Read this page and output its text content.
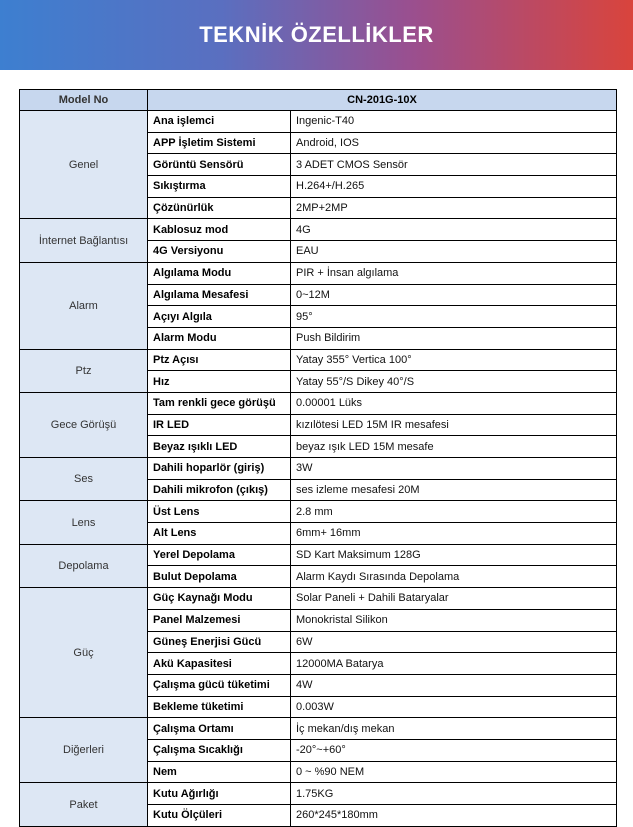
TEKNİK ÖZELLİKLER
Model No	CN-201G-10X	
Genel	Ana işlemci	Ingenic-T40
	APP İşletim Sistemi	Android, IOS
	Görüntü Sensörü	3 ADET CMOS Sensör
	Sıkıştırma	H.264+/H.265
	Çözünürlük	2MP+2MP
İnternet Bağlantısı	Kablosuz mod	4G
	4G Versiyonu	EAU
Alarm	Algılama Modu	PIR + İnsan algılama
	Algılama Mesafesi	0~12M
	Açıyı Algıla	95°
	Alarm Modu	Push Bildirim
Ptz	Ptz Açısı	Yatay 355° Vertica 100°
	Hız	Yatay 55°/S Dikey 40°/S
Gece Görüşü	Tam renkli gece görüşü	0.00001 Lüks
	IR LED	kızılötesi LED 15M IR mesafesi
	Beyaz ışıklı LED	beyaz ışık LED 15M mesafe
Ses	Dahili hoparlör (giriş)	3W
	Dahili mikrofon (çıkış)	ses izleme mesafesi 20M
Lens	Üst Lens	2.8 mm
	Alt Lens	6mm+ 16mm
Depolama	Yerel Depolama	SD Kart Maksimum 128G
	Bulut Depolama	Alarm Kaydı Sırasında Depolama
Güç	Güç Kaynağı Modu	Solar Paneli + Dahili Bataryalar
	Panel Malzemesi	Monokristal Silikon
	Güneş Enerjisi Gücü	6W
	Akü Kapasitesi	12000MA Batarya
	Çalışma gücü tüketimi	4W
	Bekleme tüketimi	0.003W
Diğerleri	Çalışma Ortamı	İç mekan/dış mekan
	Çalışma Sıcaklığı	-20°~+60°
	Nem	0 ~ %90 NEM
Paket	Kutu Ağırlığı	1.75KG
	Kutu Ölçüleri	260*245*180mm
